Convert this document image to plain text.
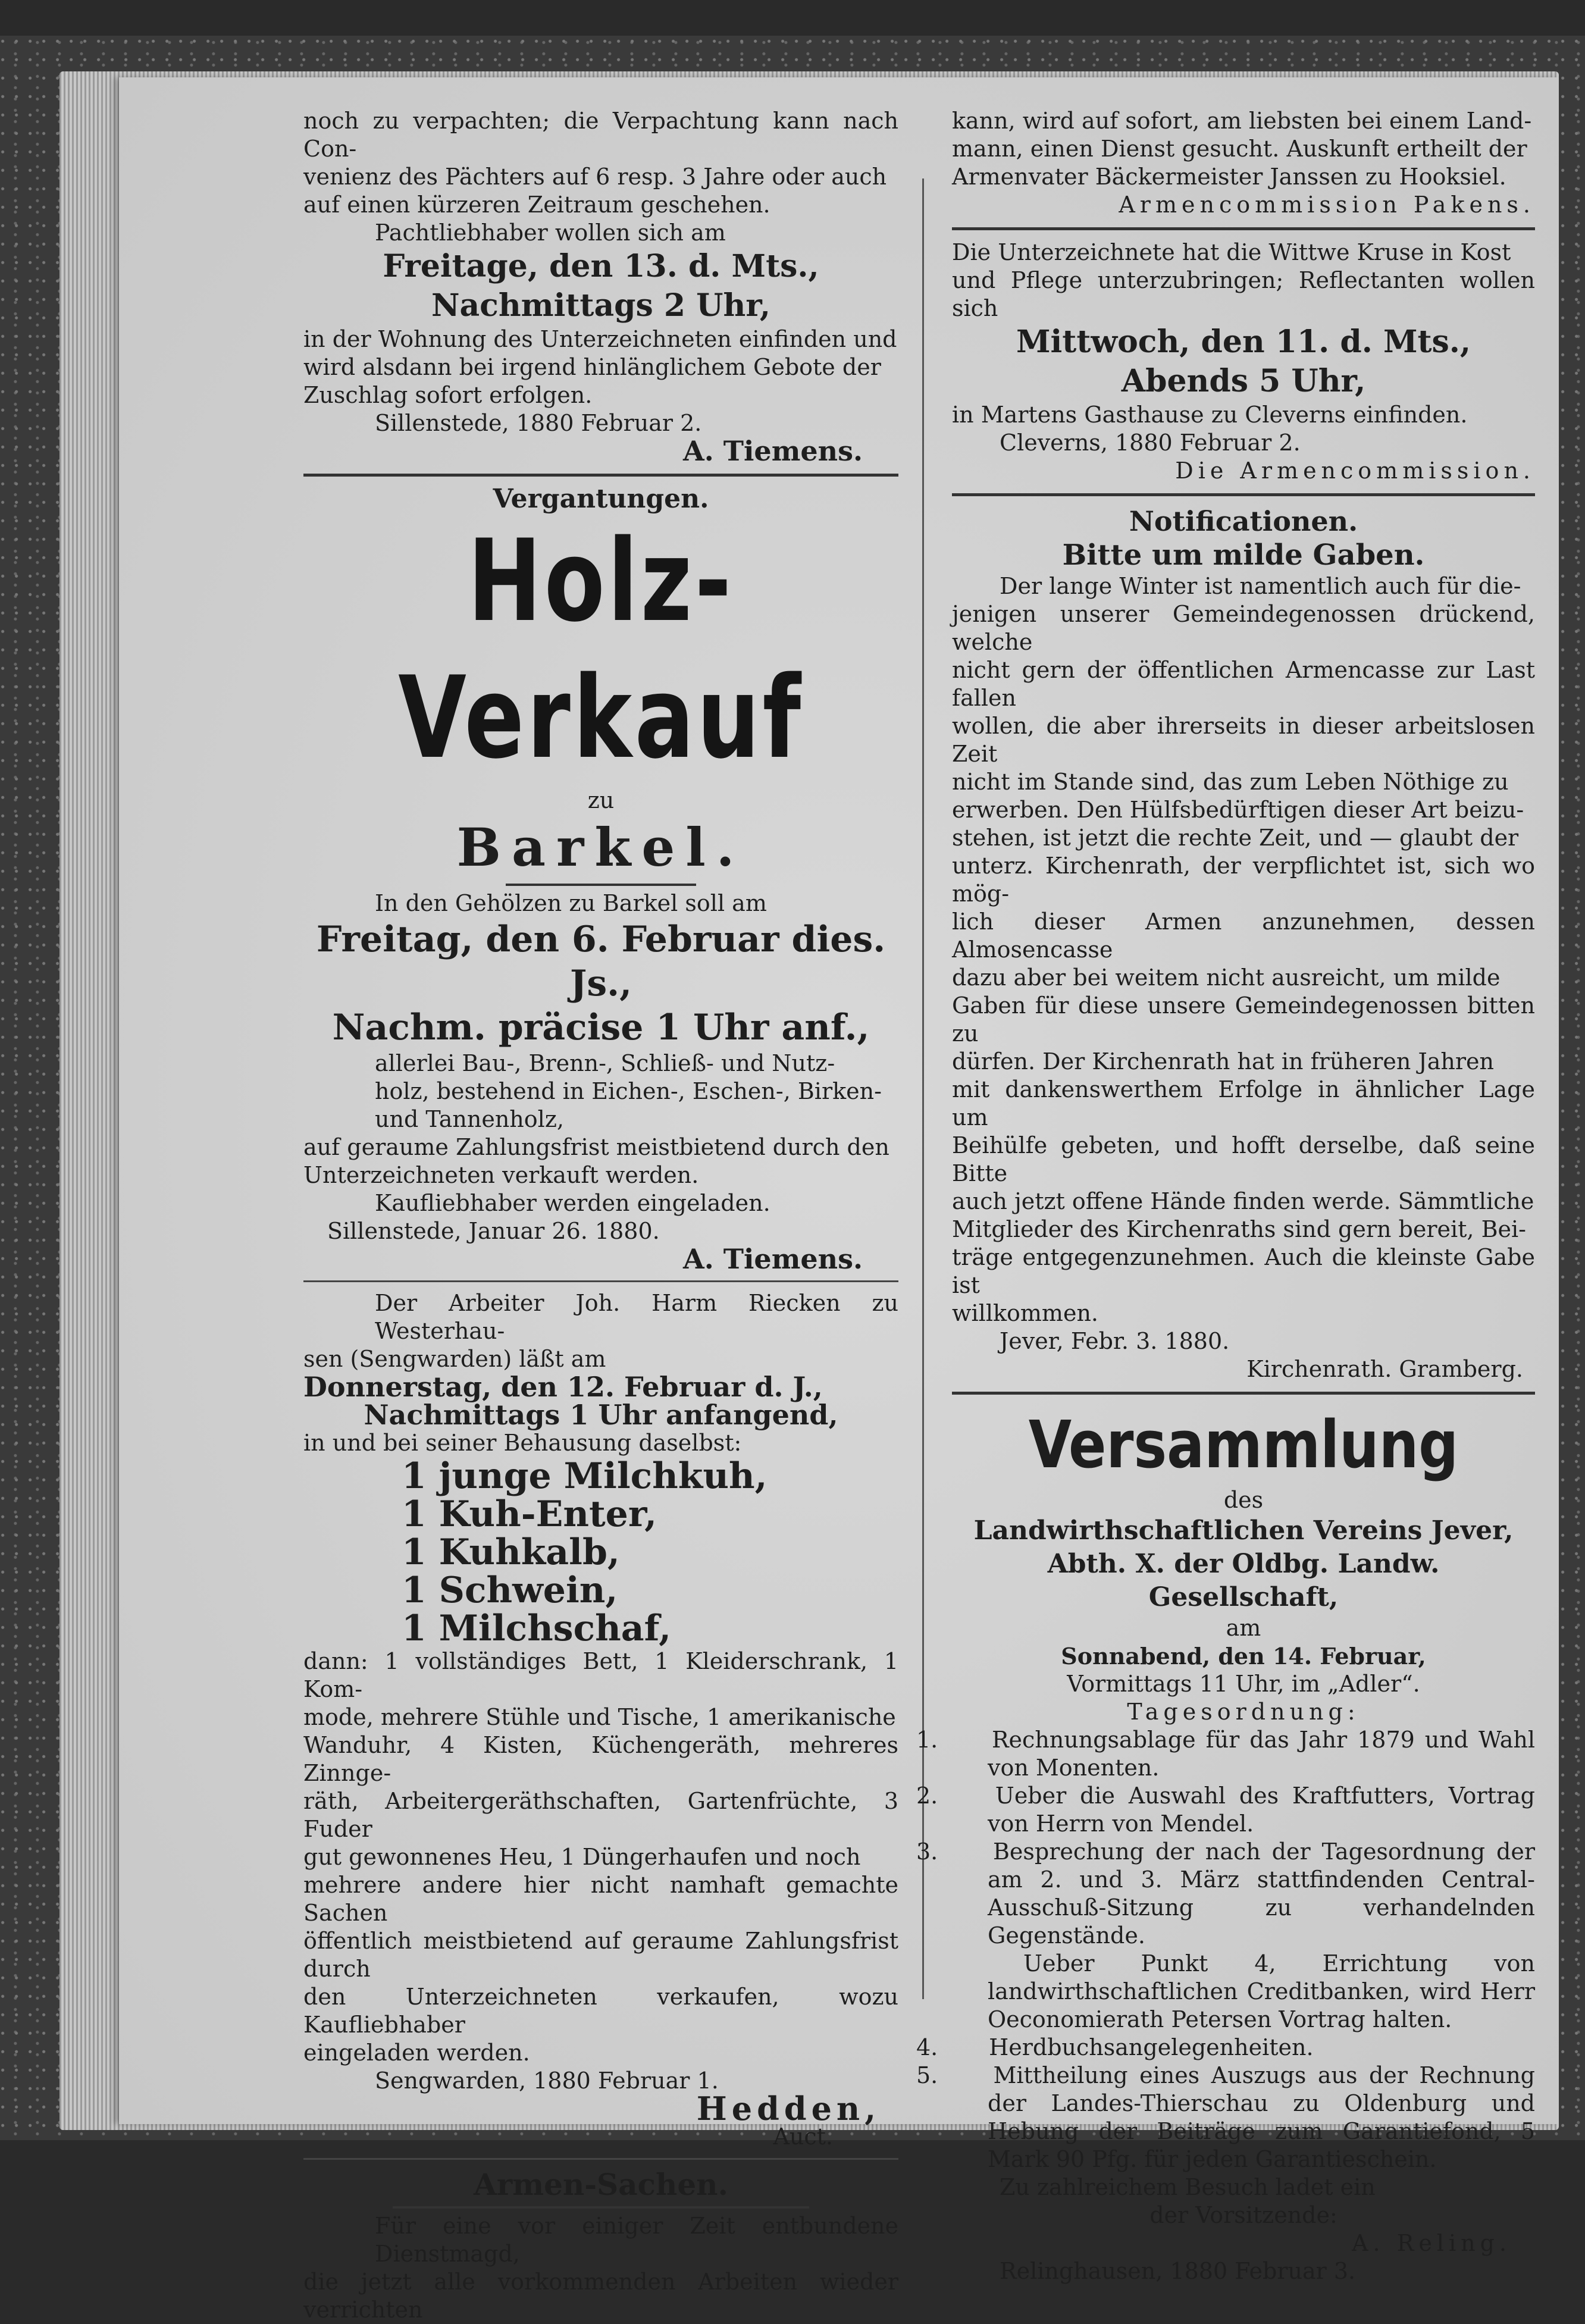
noch zu verpachten; die Verpachtung kann nach Con-

venienz des Pächters auf 6 resp. 3 Jahre oder auch

auf einen kürzeren Zeitraum geschehen.

Pachtliebhaber wollen sich am

Freitage, den 13. d. Mts.,

Nachmittags 2 Uhr,

in der Wohnung des Unterzeichneten einfinden und

wird alsdann bei irgend hinlänglichem Gebote der

Zuschlag sofort erfolgen.

Sillenstede, 1880 Februar 2.

A. Tiemens.

Vergantungen.

Holz-Verkauf

zu

Barkel.

In den Gehölzen zu Barkel soll am

Freitag, den 6. Februar dies. Js.,

Nachm. präcise 1 Uhr anf.,

allerlei Bau-, Brenn-, Schließ- und Nutz-

holz, bestehend in Eichen-, Eschen-, Birken-

und Tannenholz,

auf geraume Zahlungsfrist meistbietend durch den

Unterzeichneten verkauft werden.

Kaufliebhaber werden eingeladen.

Sillenstede, Januar 26. 1880.

A. Tiemens.

Der Arbeiter Joh. Harm Riecken zu Westerhau-

sen (Sengwarden) läßt am

Donnerstag, den 12. Februar d. J.,

Nachmittags 1 Uhr anfangend,

in und bei seiner Behausung daselbst:

1 junge Milchkuh,
1 Kuh-Enter,
1 Kuhkalb,
1 Schwein,
1 Milchschaf,

dann: 1 vollständiges Bett, 1 Kleiderschrank, 1 Kom-

mode, mehrere Stühle und Tische, 1 amerikanische

Wanduhr, 4 Kisten, Küchengeräth, mehreres Zinnge-

räth, Arbeitergeräthschaften, Gartenfrüchte, 3 Fuder

gut gewonnenes Heu, 1 Düngerhaufen und noch

mehrere andere hier nicht namhaft gemachte Sachen

öffentlich meistbietend auf geraume Zahlungsfrist durch

den Unterzeichneten verkaufen, wozu Kaufliebhaber

eingeladen werden.

Sengwarden, 1880 Februar 1.

Hedden,

Auct.

Armen-Sachen.

Für eine vor einiger Zeit entbundene Dienstmagd,

die jetzt alle vorkommenden Arbeiten wieder verrichten

kann, wird auf sofort, am liebsten bei einem Land-

mann, einen Dienst gesucht. Auskunft ertheilt der

Armenvater Bäckermeister Janssen zu Hooksiel.

Armencommission Pakens.

Die Unterzeichnete hat die Wittwe Kruse in Kost

und Pflege unterzubringen; Reflectanten wollen sich

Mittwoch, den 11. d. Mts.,

Abends 5 Uhr,

in Martens Gasthause zu Cleverns einfinden.

Cleverns, 1880 Februar 2.

Die Armencommission.

Notificationen.

Bitte um milde Gaben.

Der lange Winter ist namentlich auch für die-

jenigen unserer Gemeindegenossen drückend, welche

nicht gern der öffentlichen Armencasse zur Last fallen

wollen, die aber ihrerseits in dieser arbeitslosen Zeit

nicht im Stande sind, das zum Leben Nöthige zu

erwerben. Den Hülfsbedürftigen dieser Art beizu-

stehen, ist jetzt die rechte Zeit, und — glaubt der

unterz. Kirchenrath, der verpflichtet ist, sich wo mög-

lich dieser Armen anzunehmen, dessen Almosencasse

dazu aber bei weitem nicht ausreicht, um milde

Gaben für diese unsere Gemeindegenossen bitten zu

dürfen. Der Kirchenrath hat in früheren Jahren

mit dankenswerthem Erfolge in ähnlicher Lage um

Beihülfe gebeten, und hofft derselbe, daß seine Bitte

auch jetzt offene Hände finden werde. Sämmtliche

Mitglieder des Kirchenraths sind gern bereit, Bei-

träge entgegenzunehmen. Auch die kleinste Gabe ist

willkommen.

Jever, Febr. 3. 1880.

Kirchenrath. Gramberg.

Versammlung

des

Landwirthschaftlichen Vereins Jever,

Abth. X. der Oldbg. Landw. Gesellschaft,

am

Sonnabend, den 14. Februar,

Vormittags 11 Uhr, im „Adler“.

Tagesordnung:

1. Rechnungsablage für das Jahr 1879 und Wahl von Monenten.

2.	Ueber die Auswahl des Kraftfutters, Vortrag von Herrn von Mendel.

3. Besprechung der nach der Tagesordnung der am 2. und 3. März stattfindenden Central-Ausschuß-Sitzung zu verhandelnden Gegenstände.

Ueber Punkt 4, Errichtung von landwirthschaftlichen Creditbanken, wird Herr Oeconomierath Petersen Vortrag halten.

4. Herdbuchsangelegenheiten.

5. Mittheilung eines Auszugs aus der Rechnung der Landes-Thierschau zu Oldenburg und Hebung der Beiträge zum Garantiefond, 5 Mark 90 Pfg. für jeden Garantieschein.

Zu zahlreichem Besuch ladet ein

der Vorsitzende:

A. Reling.

Relinghausen, 1880 Februar 3.
